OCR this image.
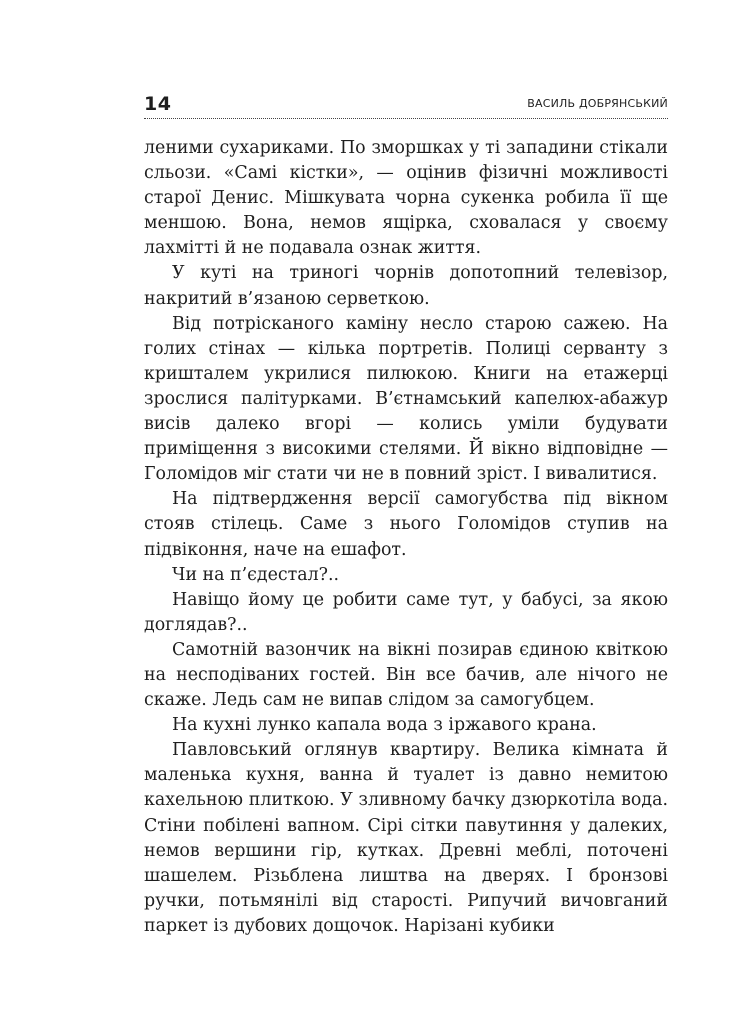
14	ВАСИЛЬ ДОБРЯНСЬКИЙ

леними сухариками. По зморшках у ті западини стікали сльози. «Самі кістки», — оцінив фізичні можливості старої Денис. Мішкувата чорна сукенка робила її ще меншою. Вона, немов ящірка, сховалася у своєму лахмітті й не подавала ознак життя.

У куті на триногі чорнів допотопний телевізор, накритий в’язаною серветкою.

Від потрісканого каміну несло старою сажею. На голих стінах — кілька портретів. Полиці серванту з кришталем укрилися пилюкою. Книги на етажерці зрослися палітурками. В’єтнамський капелюх-абажур висів далеко вгорі — колись уміли будувати приміщення з високими стелями. Й вікно відповідне — Голомідов міг стати чи не в повний зріст. І вивалитися.

На підтвердження версії самогубства під вікном стояв стілець. Саме з нього Голомідов ступив на підвіконня, наче на ешафот.

Чи на п’єдестал?..

Навіщо йому це робити саме тут, у бабусі, за якою доглядав?..

Самотній вазончик на вікні позирав єдиною квіткою на несподіваних гостей. Він все бачив, але нічого не скаже. Ледь сам не випав слідом за самогубцем.

На кухні лунко капала вода з іржавого крана.

Павловський оглянув квартиру. Велика кімната й маленька кухня, ванна й туалет із давно немитою кахельною плиткою. У зливному бачку дзюркотіла вода. Стіни побілені вапном. Сірі сітки павутиння у далеких, немов вершини гір, кутках. Древні меблі, поточені шашелем. Різьблена лиштва на дверях. І бронзові ручки, потьмянілі від старості. Рипучий вичовганий паркет із дубових дощочок. Нарізані кубики
